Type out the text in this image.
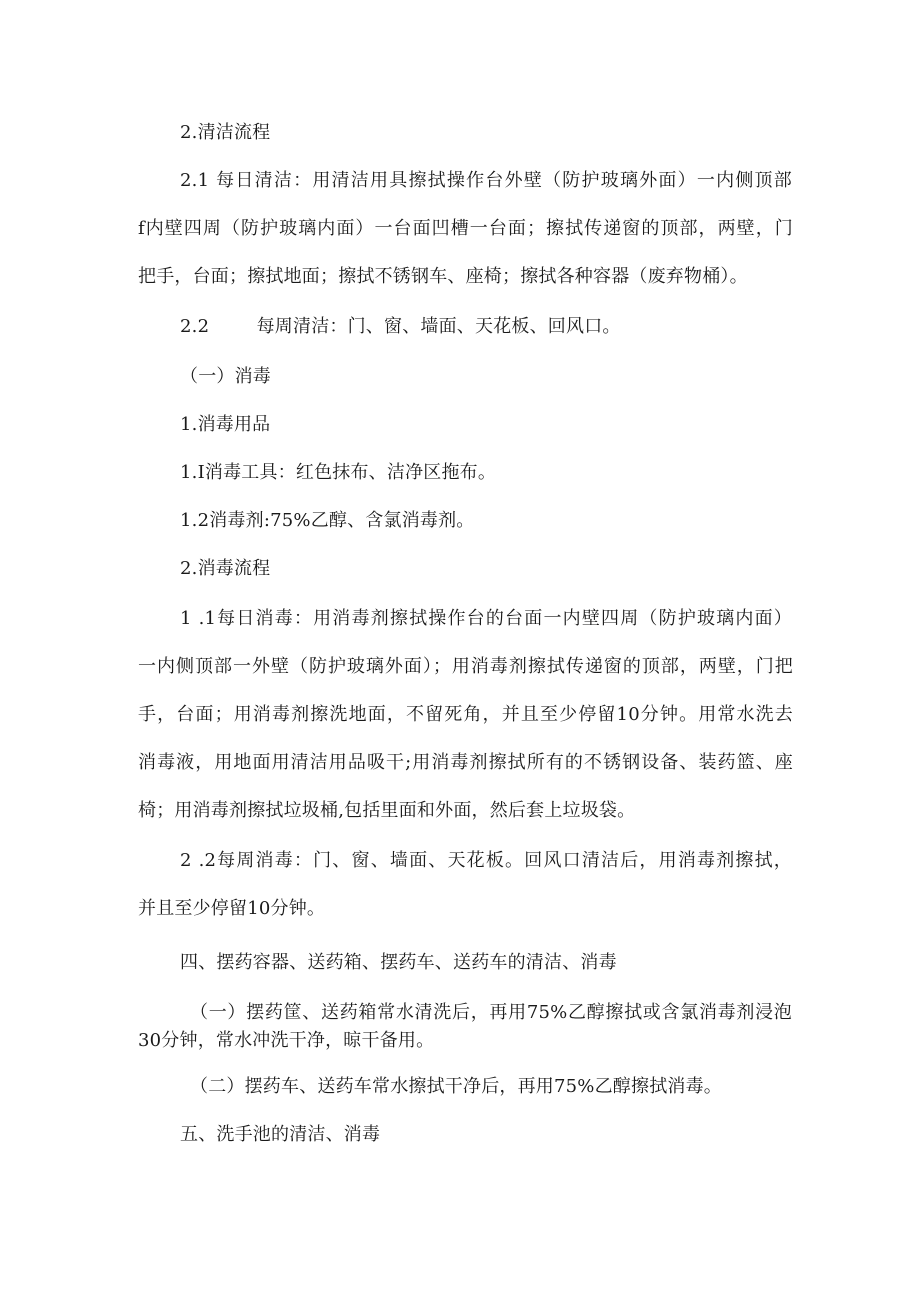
2.清洁流程
2.1 每日清洁：用清洁用具擦拭操作台外壁（防护玻璃外面）一内侧顶部
f内壁四周（防护玻璃内面）一台面凹槽一台面；擦拭传递窗的顶部，两壁，门
把手，台面；擦拭地面；擦拭不锈钢车、座椅；擦拭各种容器（废弃物桶）。
2.2        每周清洁：门、窗、墙面、天花板、回风口。
（一）消毒
1.消毒用品
1.I消毒工具：红色抹布、洁净区拖布。
1.2消毒剂:75%乙醇、含氯消毒剂。
2.消毒流程
1 .1每日消毒：用消毒剂擦拭操作台的台面一内壁四周（防护玻璃内面）
一内侧顶部一外壁（防护玻璃外面）；用消毒剂擦拭传递窗的顶部，两壁，门把
手，台面；用消毒剂擦洗地面，不留死角，并且至少停留10分钟。用常水洗去
消毒液，用地面用清洁用品吸干;用消毒剂擦拭所有的不锈钢设备、装药篮、座
椅；用消毒剂擦拭垃圾桶,包括里面和外面，然后套上垃圾袋。
2 .2每周消毒：门、窗、墙面、天花板。回风口清洁后，用消毒剂擦拭，
并且至少停留10分钟。
四、摆药容器、送药箱、摆药车、送药车的清洁、消毒
（一）摆药筐、送药箱常水清洗后，再用75%乙醇擦拭或含氯消毒剂浸泡
30分钟，常水冲洗干净，晾干备用。
（二）摆药车、送药车常水擦拭干净后，再用75%乙醇擦拭消毒。
五、洗手池的清洁、消毒
